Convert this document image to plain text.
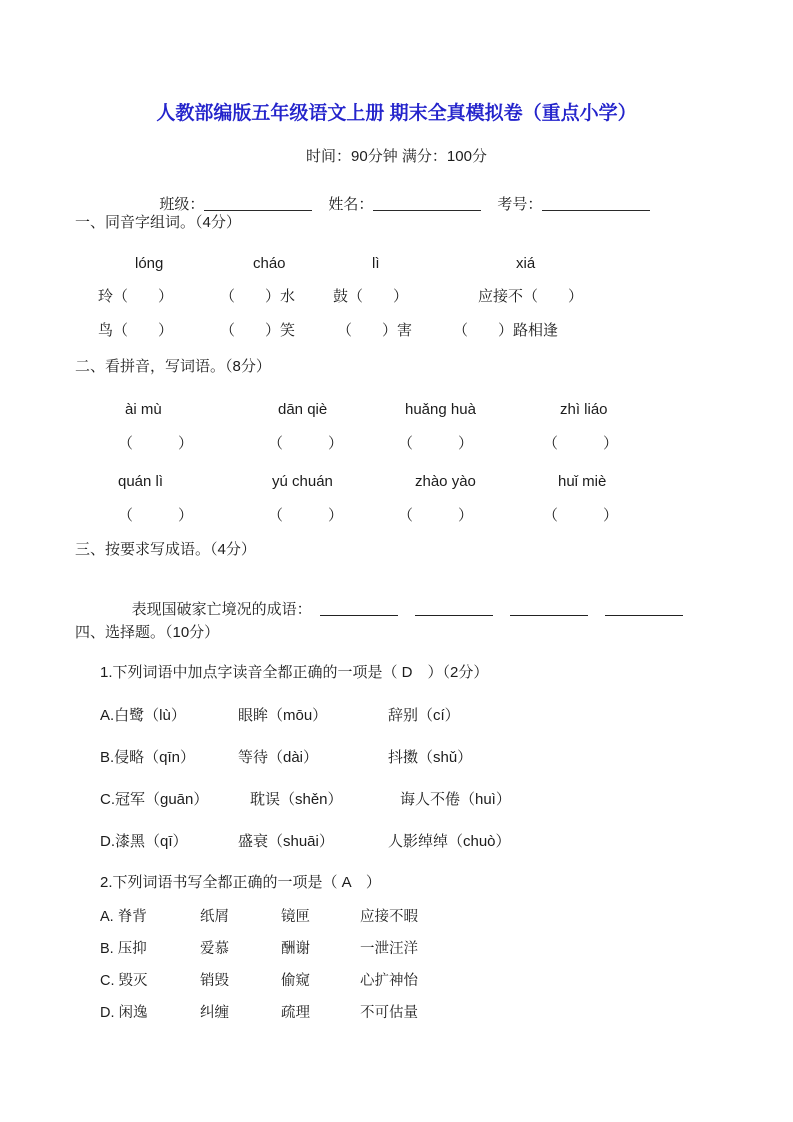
人教部编版五年级语文上册 期末全真模拟卷（重点小学）
时间：90分钟 满分：100分

班级：	姓名：	考号：

一、同音字组词。（4分）
lóng	cháo	lì	xiá
玲（　　）	（　　）水	鼓（　　）	应接不（　　）
鸟（　　）	（　　）笑	（　　）害	（　　）路相逢
二、看拼音，写词语。（8分）
ài mù	dān qiè	huǎng huà	zhì liáo
（　　　）	（　　　）	（　　　）	（　　　）
quán lì	yú chuán	zhào yào	huǐ miè
（　　　）	（　　　）	（　　　）	（　　　）
三、按要求写成语。（4分）

表现国破家亡境况的成语：

四、选择题。（10分）
1.下列词语中加点字读音全都正确的一项是（ D　）（2分）
A.白鹭（lù）	眼眸（mōu）	辞别（cí）
B.侵略（qīn）	等待（dài）	抖擞（shǔ）
C.冠军（guān）	耽误（shěn）	诲人不倦（huì）
D.漆黑（qī）	盛衰（shuāi）	人影绰绰（chuò）
2.下列词语书写全都正确的一项是（ A　）
A. 脊背	纸屑	镜匣	应接不暇
B. 压抑	爱慕	酬谢	一泄汪洋
C. 毁灭	销毁	偷窥	心扩神怡
D. 闲逸	纠缠	疏理	不可估量
